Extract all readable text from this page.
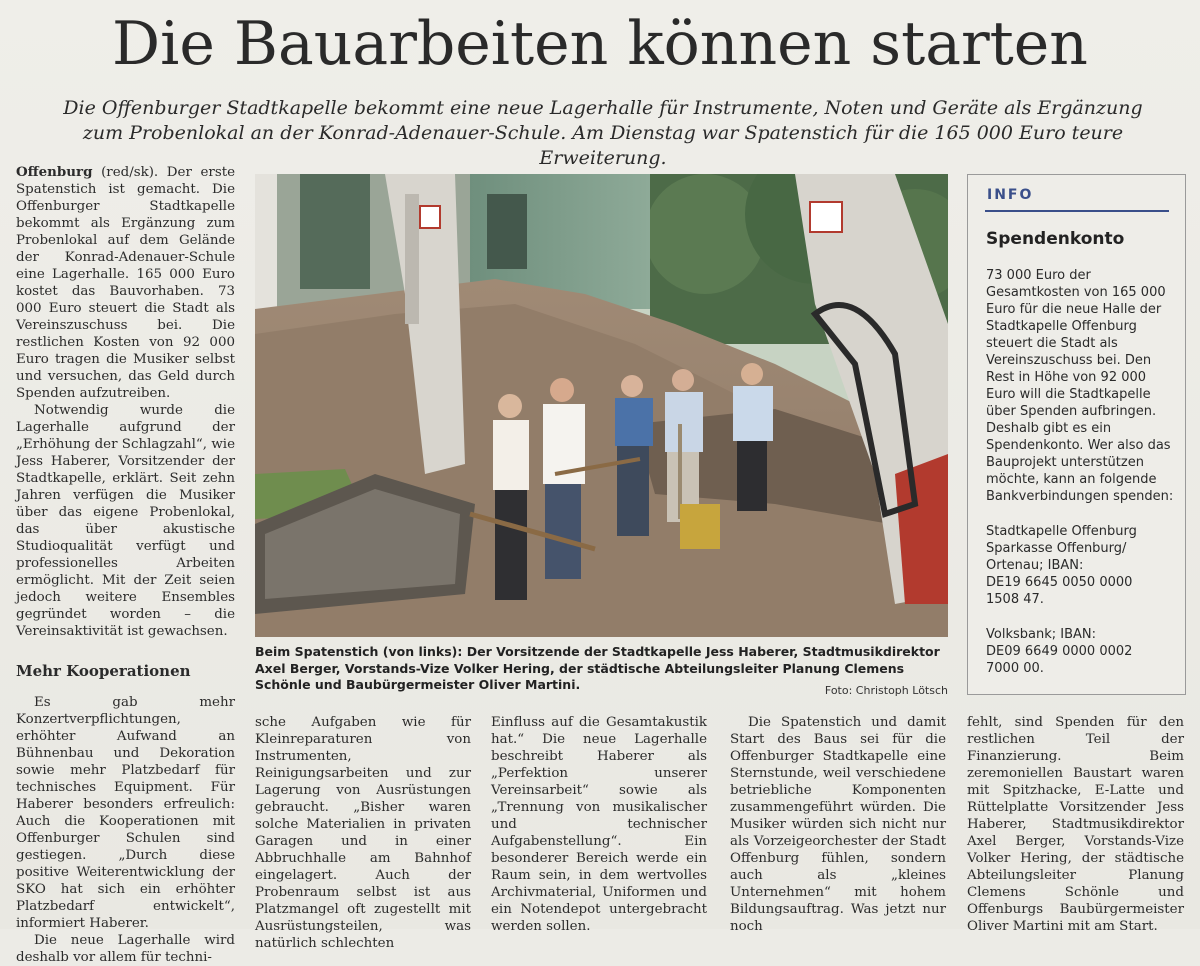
Die Bauarbeiten können starten
Die Offenburger Stadtkapelle bekommt eine neue Lagerhalle für Instrumente, Noten und Geräte als Ergänzung zum Probenlokal an der Konrad-Adenauer-Schule. Am Dienstag war Spatenstich für die 165 000 Euro teure Erweiterung.

Offenburg (red/sk). Der erste Spatenstich ist gemacht. Die Offenburger Stadtkapelle bekommt als Ergänzung zum Probenlokal auf dem Gelände der Konrad-Adenauer-Schule eine Lagerhalle. 165 000 Euro kostet das Bauvorhaben. 73 000 Euro steuert die Stadt als Vereinszuschuss bei. Die restlichen Kosten von 92 000 Euro tragen die Musiker selbst und versuchen, das Geld durch Spenden aufzutreiben.

Notwendig wurde die Lagerhalle aufgrund der „Erhöhung der Schlagzahl“, wie Jess Haberer, Vorsitzender der Stadtkapelle, erklärt. Seit zehn Jahren verfügen die Musiker über das eigene Probenlokal, das über akustische Studioqualität verfügt und professionelles Arbeiten ermöglicht. Mit der Zeit seien jedoch weitere Ensembles gegründet worden – die Vereinsaktivität ist gewachsen.

Mehr Kooperationen

Es gab mehr Konzertverpflichtungen, erhöhter Aufwand an Bühnenbau und Dekoration sowie mehr Platzbedarf für technisches Equipment. Für Haberer besonders erfreulich: Auch die Kooperationen mit Offenburger Schulen sind gestiegen. „Durch diese positive Weiterentwicklung der SKO hat sich ein erhöhter Platzbedarf entwickelt“, informiert Haberer.

Die neue Lagerhalle wird deshalb vor allem für techni-

Beim Spatenstich (von links): Der Vorsitzende der Stadtkapelle Jess Haberer, Stadtmusikdirektor Axel Berger, Vorstands-Vize Volker Hering, der städtische Abteilungsleiter Planung Clemens Schönle und Baubürgermeister Oliver Martini.	Foto: Christoph Lötsch
INFO
Spendenkonto

73 000 Euro der Gesamtkosten von 165 000 Euro für die neue Halle der Stadtkapelle Offenburg steuert die Stadt als Vereinszuschuss bei. Den Rest in Höhe von 92 000 Euro will die Stadtkapelle über Spenden aufbringen. Deshalb gibt es ein Spendenkonto. Wer also das Bauprojekt unterstützen möchte, kann an folgende Bankverbindungen spenden:

Stadtkapelle Offenburg

Sparkasse Offenburg/

Ortenau; IBAN:

DE19 6645 0050 0000

1508 47.

Volksbank; IBAN:

DE09 6649 0000 0002

7000 00.

sche Aufgaben wie für Kleinreparaturen von Instrumenten, Reinigungsarbeiten und zur Lagerung von Ausrüstungen gebraucht. „Bisher waren solche Materialien in privaten Garagen und in einer Abbruchhalle am Bahnhof eingelagert. Auch der Probenraum selbst ist aus Platzmangel oft zugestellt mit Ausrüstungsteilen, was natürlich schlechten
Einfluss auf die Gesamtakustik hat.“ Die neue Lagerhalle beschreibt Haberer als „Perfektion unserer Vereinsarbeit“ sowie als „Trennung von musikalischer und technischer Aufgabenstellung“. Ein besonderer Bereich werde ein Raum sein, in dem wertvolles Archivmaterial, Uniformen und ein Notendepot untergebracht werden sollen.
Die Spatenstich und damit Start des Baus sei für die Offenburger Stadtkapelle eine Sternstunde, weil verschiedene betriebliche Komponenten zusammengeführt würden. Die Musiker würden sich nicht nur als Vorzeigeorchester der Stadt Offenburg fühlen, sondern auch als „kleines Unternehmen“ mit hohem Bildungsauftrag. Was jetzt nur noch
fehlt, sind Spenden für den restlichen Teil der Finanzierung. Beim zeremoniellen Baustart waren mit Spitzhacke, E-Latte und Rüttelplatte Vorsitzender Jess Haberer, Stadtmusikdirektor Axel Berger, Vorstands-Vize Volker Hering, der städtische Abteilungsleiter Planung Clemens Schönle und Offenburgs Baubürgermeister Oliver Martini mit am Start.
